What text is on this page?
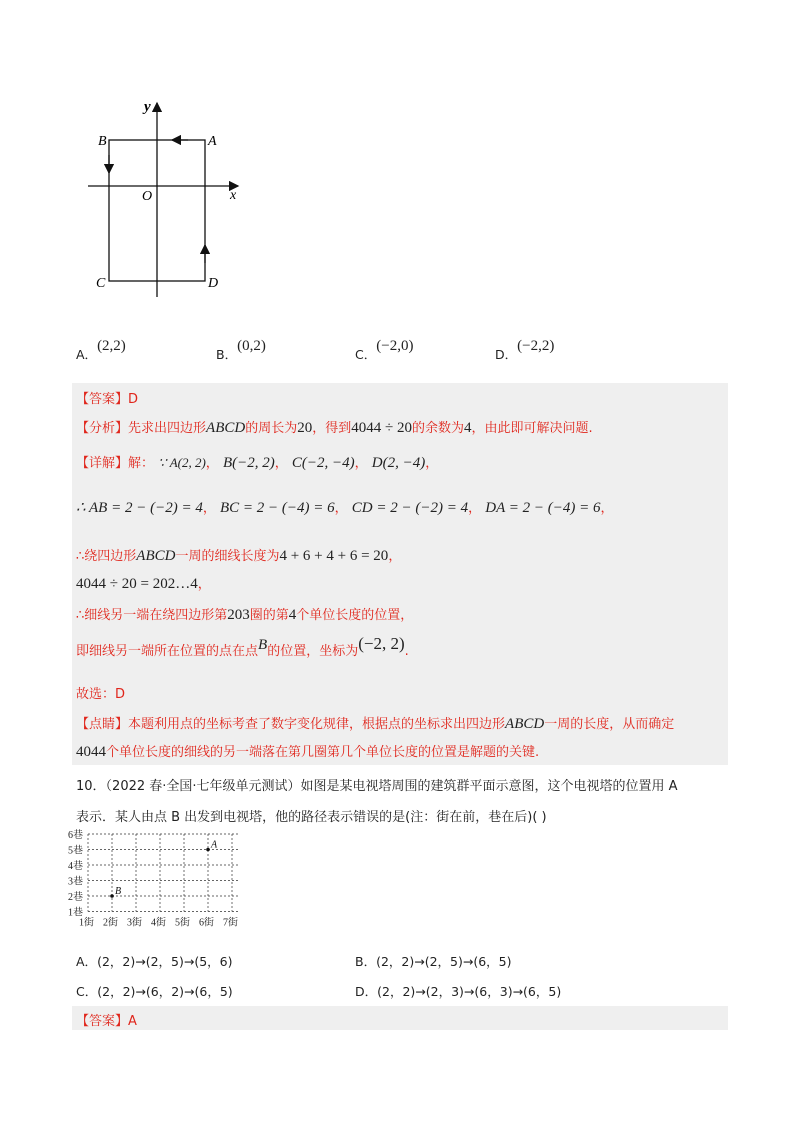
y
x
O
A
B
C	D
A．(2,2)
B．(0,2)
C．(−2,0)
D．(−2,2)
【答案】D
【分析】先求出四边形ABCD的周长为20，得到4044 ÷ 20的余数为4，由此即可解决问题.
【详解】解： ∵ A(2, 2)， B(−2, 2)， C(−2, −4)， D(2, −4)，
∴ AB = 2 − (−2) = 4， BC = 2 − (−4) = 6， CD = 2 − (−2) = 4， DA = 2 − (−4) = 6，
∴绕四边形ABCD一周的细线长度为4 + 6 + 4 + 6 = 20，
4044 ÷ 20 = 202…4，
∴细线另一端在绕四边形第203圈的第4个单位长度的位置，
即细线另一端所在位置的点在点B的位置，坐标为(−2, 2).
故选：D
【点睛】本题利用点的坐标考查了数字变化规律，根据点的坐标求出四边形ABCD一周的长度，从而确定
4044个单位长度的细线的另一端落在第几圈第几个单位长度的位置是解题的关键.
10．（2022 春·全国·七年级单元测试）如图是某电视塔周围的建筑群平面示意图，这个电视塔的位置用 A
表示．某人由点 B 出发到电视塔，他的路径表示错误的是(注：街在前，巷在后)( )
6巷
5巷
4巷
3巷
2巷
1巷
1街 2街 3街 4街 5街 6街 7街
A
B
A．(2，2)→(2，5)→(5，6)	B．(2，2)→(2，5)→(6，5)
C．(2，2)→(6，2)→(6，5)	D．(2，2)→(2，3)→(6，3)→(6，5)
【答案】A
